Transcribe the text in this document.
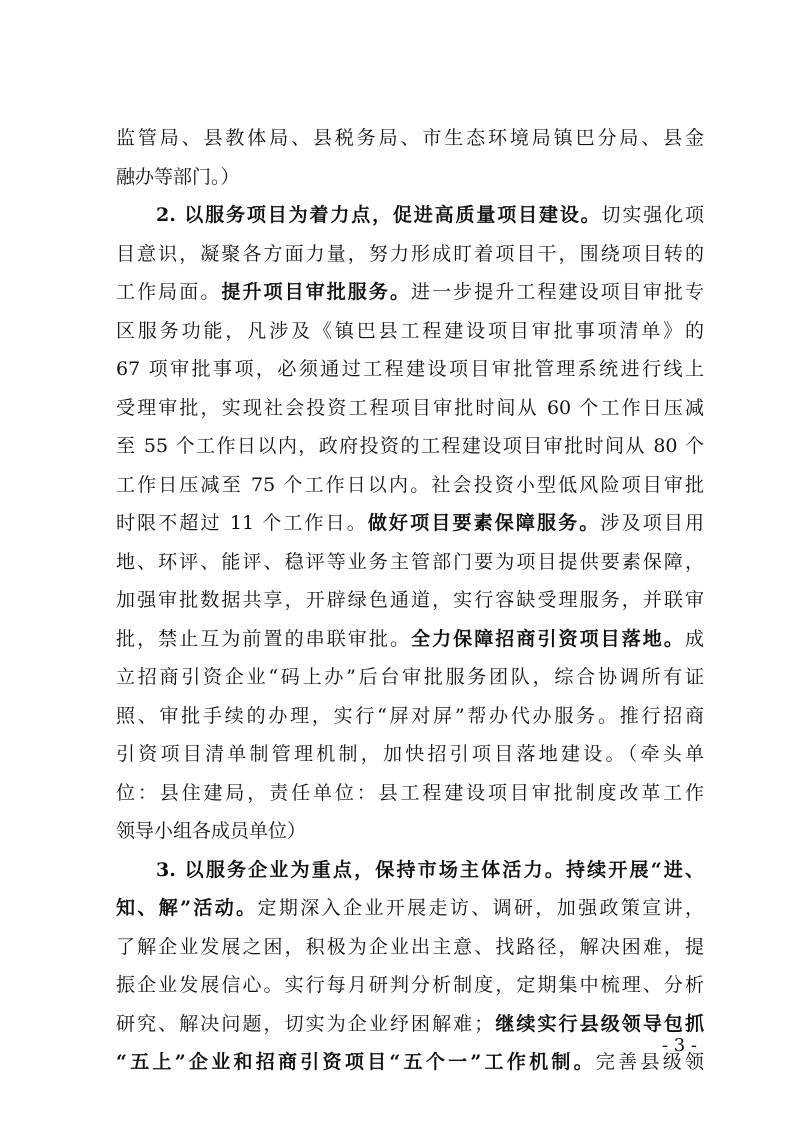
监管局、县教体局、县税务局、市生态环境局镇巴分局、县金
融办等部门。）
2. 以服务项目为着力点，促进高质量项目建设。切实强化项
目意识，凝聚各方面力量，努力形成盯着项目干，围绕项目转的
工作局面。提升项目审批服务。进一步提升工程建设项目审批专
区服务功能，凡涉及《镇巴县工程建设项目审批事项清单》的
67 项审批事项，必须通过工程建设项目审批管理系统进行线上
受理审批，实现社会投资工程项目审批时间从 60 个工作日压减
至 55 个工作日以内，政府投资的工程建设项目审批时间从 80 个
工作日压减至 75 个工作日以内。社会投资小型低风险项目审批
时限不超过 11 个工作日。做好项目要素保障服务。涉及项目用
地、环评、能评、稳评等业务主管部门要为项目提供要素保障，
加强审批数据共享，开辟绿色通道，实行容缺受理服务，并联审
批，禁止互为前置的串联审批。全力保障招商引资项目落地。成
立招商引资企业“码上办”后台审批服务团队，综合协调所有证
照、审批手续的办理，实行“屏对屏”帮办代办服务。推行招商
引资项目清单制管理机制，加快招引项目落地建设。（牵头单
位：县住建局，责任单位：县工程建设项目审批制度改革工作
领导小组各成员单位）
3. 以服务企业为重点，保持市场主体活力。持续开展“进、
知、解”活动。定期深入企业开展走访、调研，加强政策宣讲，
了解企业发展之困，积极为企业出主意、找路径，解决困难，提
振企业发展信心。实行每月研判分析制度，定期集中梳理、分析
研究、解决问题，切实为企业纾困解难；继续实行县级领导包抓
“五上”企业和招商引资项目“五个一”工作机制。完善县级领
- 3 -
